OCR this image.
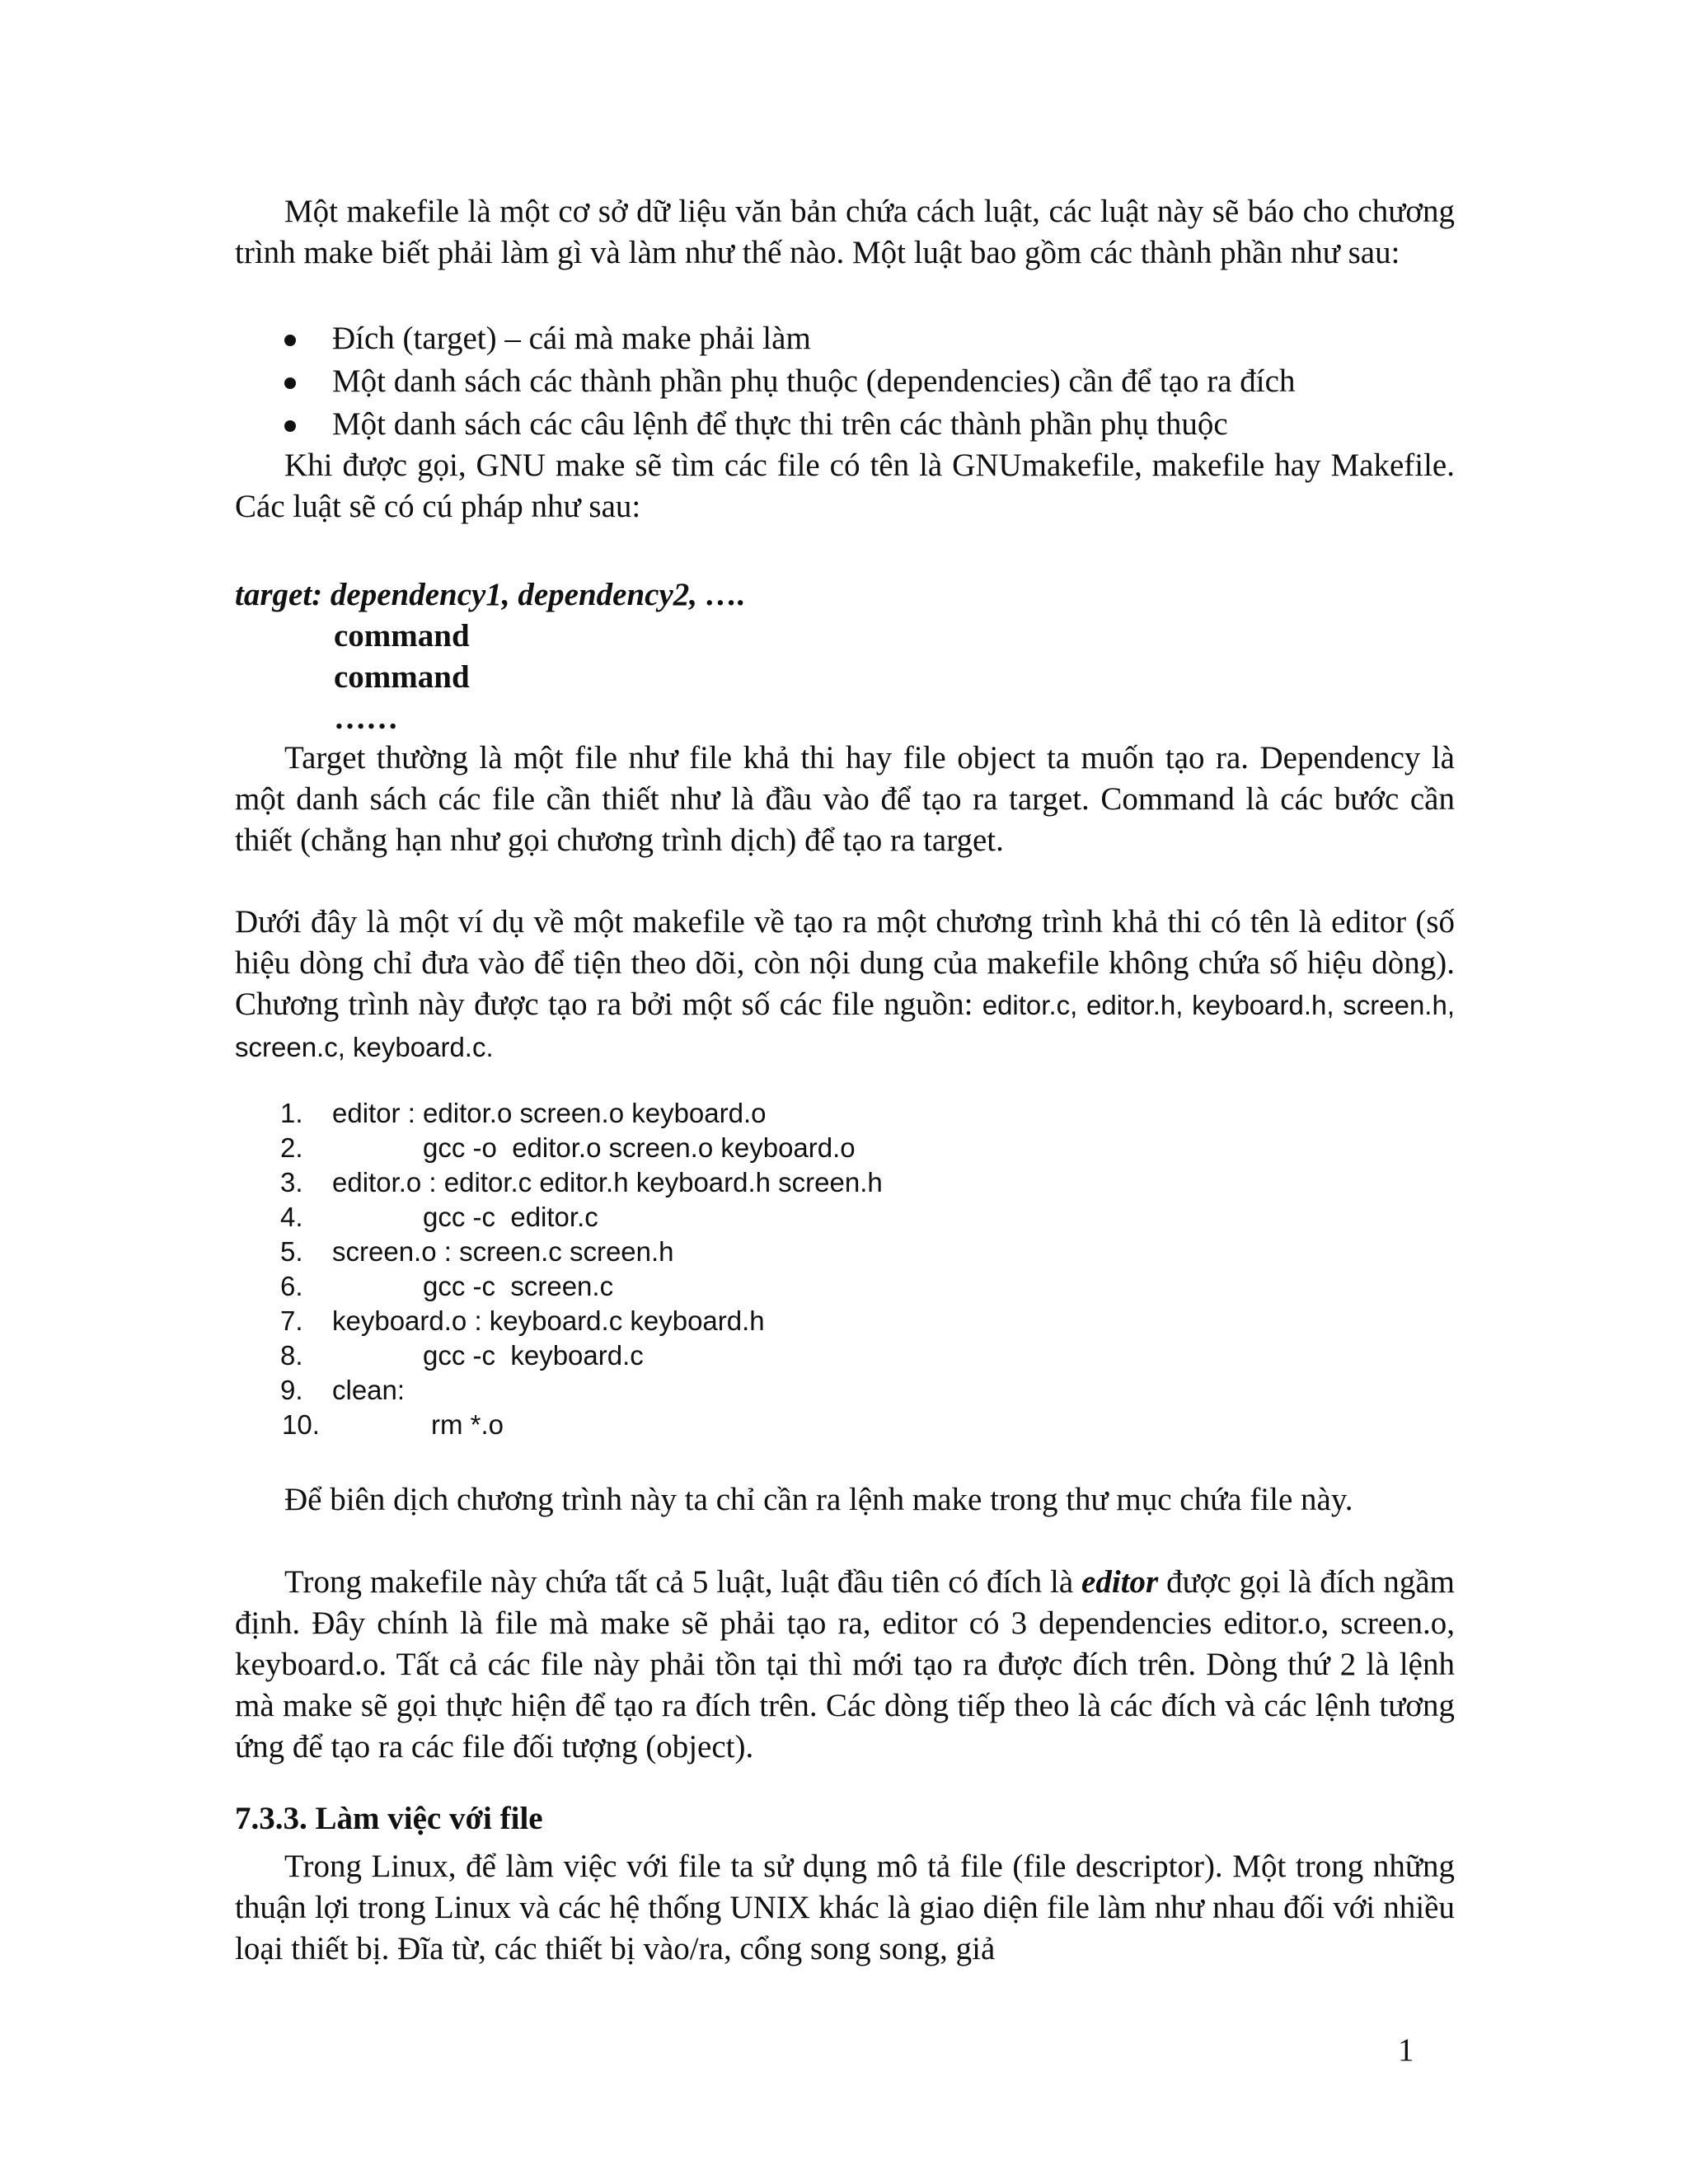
Một makefile là một cơ sở dữ liệu văn bản chứa cách luật, các luật này sẽ báo cho chương trình make biết phải làm gì và làm như thế nào. Một luật bao gồm các thành phần như sau:

Đích (target) – cái mà make phải làm
Một danh sách các thành phần phụ thuộc (dependencies) cần để tạo ra đích
Một danh sách các câu lệnh để thực thi trên các thành phần phụ thuộc

Khi được gọi, GNU make sẽ tìm các file có tên là GNUmakefile, makefile hay Makefile. Các luật sẽ có cú pháp như sau:

target: dependency1, dependency2, ….
command
command
……

Target thường là một file như file khả thi hay file object ta muốn tạo ra. Dependency là một danh sách các file cần thiết như là đầu vào để tạo ra target. Command là các bước cần thiết (chẳng hạn như gọi chương trình dịch) để tạo ra target.

Dưới đây là một ví dụ về một makefile về tạo ra một chương trình khả thi có tên là editor (số hiệu dòng chỉ đưa vào để tiện theo dõi, còn nội dung của makefile không chứa số hiệu dòng). Chương trình này được tạo ra bởi một số các file nguồn: editor.c, editor.h, keyboard.h, screen.h, screen.c, keyboard.c.

1.	editor : editor.o screen.o keyboard.o
2.	gcc -o  editor.o screen.o keyboard.o
3.	editor.o : editor.c editor.h keyboard.h screen.h
4.	gcc -c  editor.c
5.	screen.o : screen.c screen.h
6.	gcc -c  screen.c
7.	keyboard.o : keyboard.c keyboard.h
8.	gcc -c  keyboard.c
9.	clean:
10.	rm *.o

Để biên dịch chương trình này ta chỉ cần ra lệnh make trong thư mục chứa file này.

Trong makefile này chứa tất cả 5 luật, luật đầu tiên có đích là editor được gọi là đích ngầm định. Đây chính là file mà make sẽ phải tạo ra, editor có 3 dependencies editor.o, screen.o, keyboard.o. Tất cả các file này phải tồn tại thì mới tạo ra được đích trên. Dòng thứ 2 là lệnh mà make sẽ gọi thực hiện để tạo ra đích trên. Các dòng tiếp theo là các đích và các lệnh tương ứng để tạo ra các file đối tượng (object).

7.3.3. Làm việc với file

Trong Linux, để làm việc với file ta sử dụng mô tả file (file descriptor). Một trong những thuận lợi trong Linux và các hệ thống UNIX khác là giao diện file làm như nhau đối với nhiều loại thiết bị. Đĩa từ, các thiết bị vào/ra, cổng song song, giả

1
